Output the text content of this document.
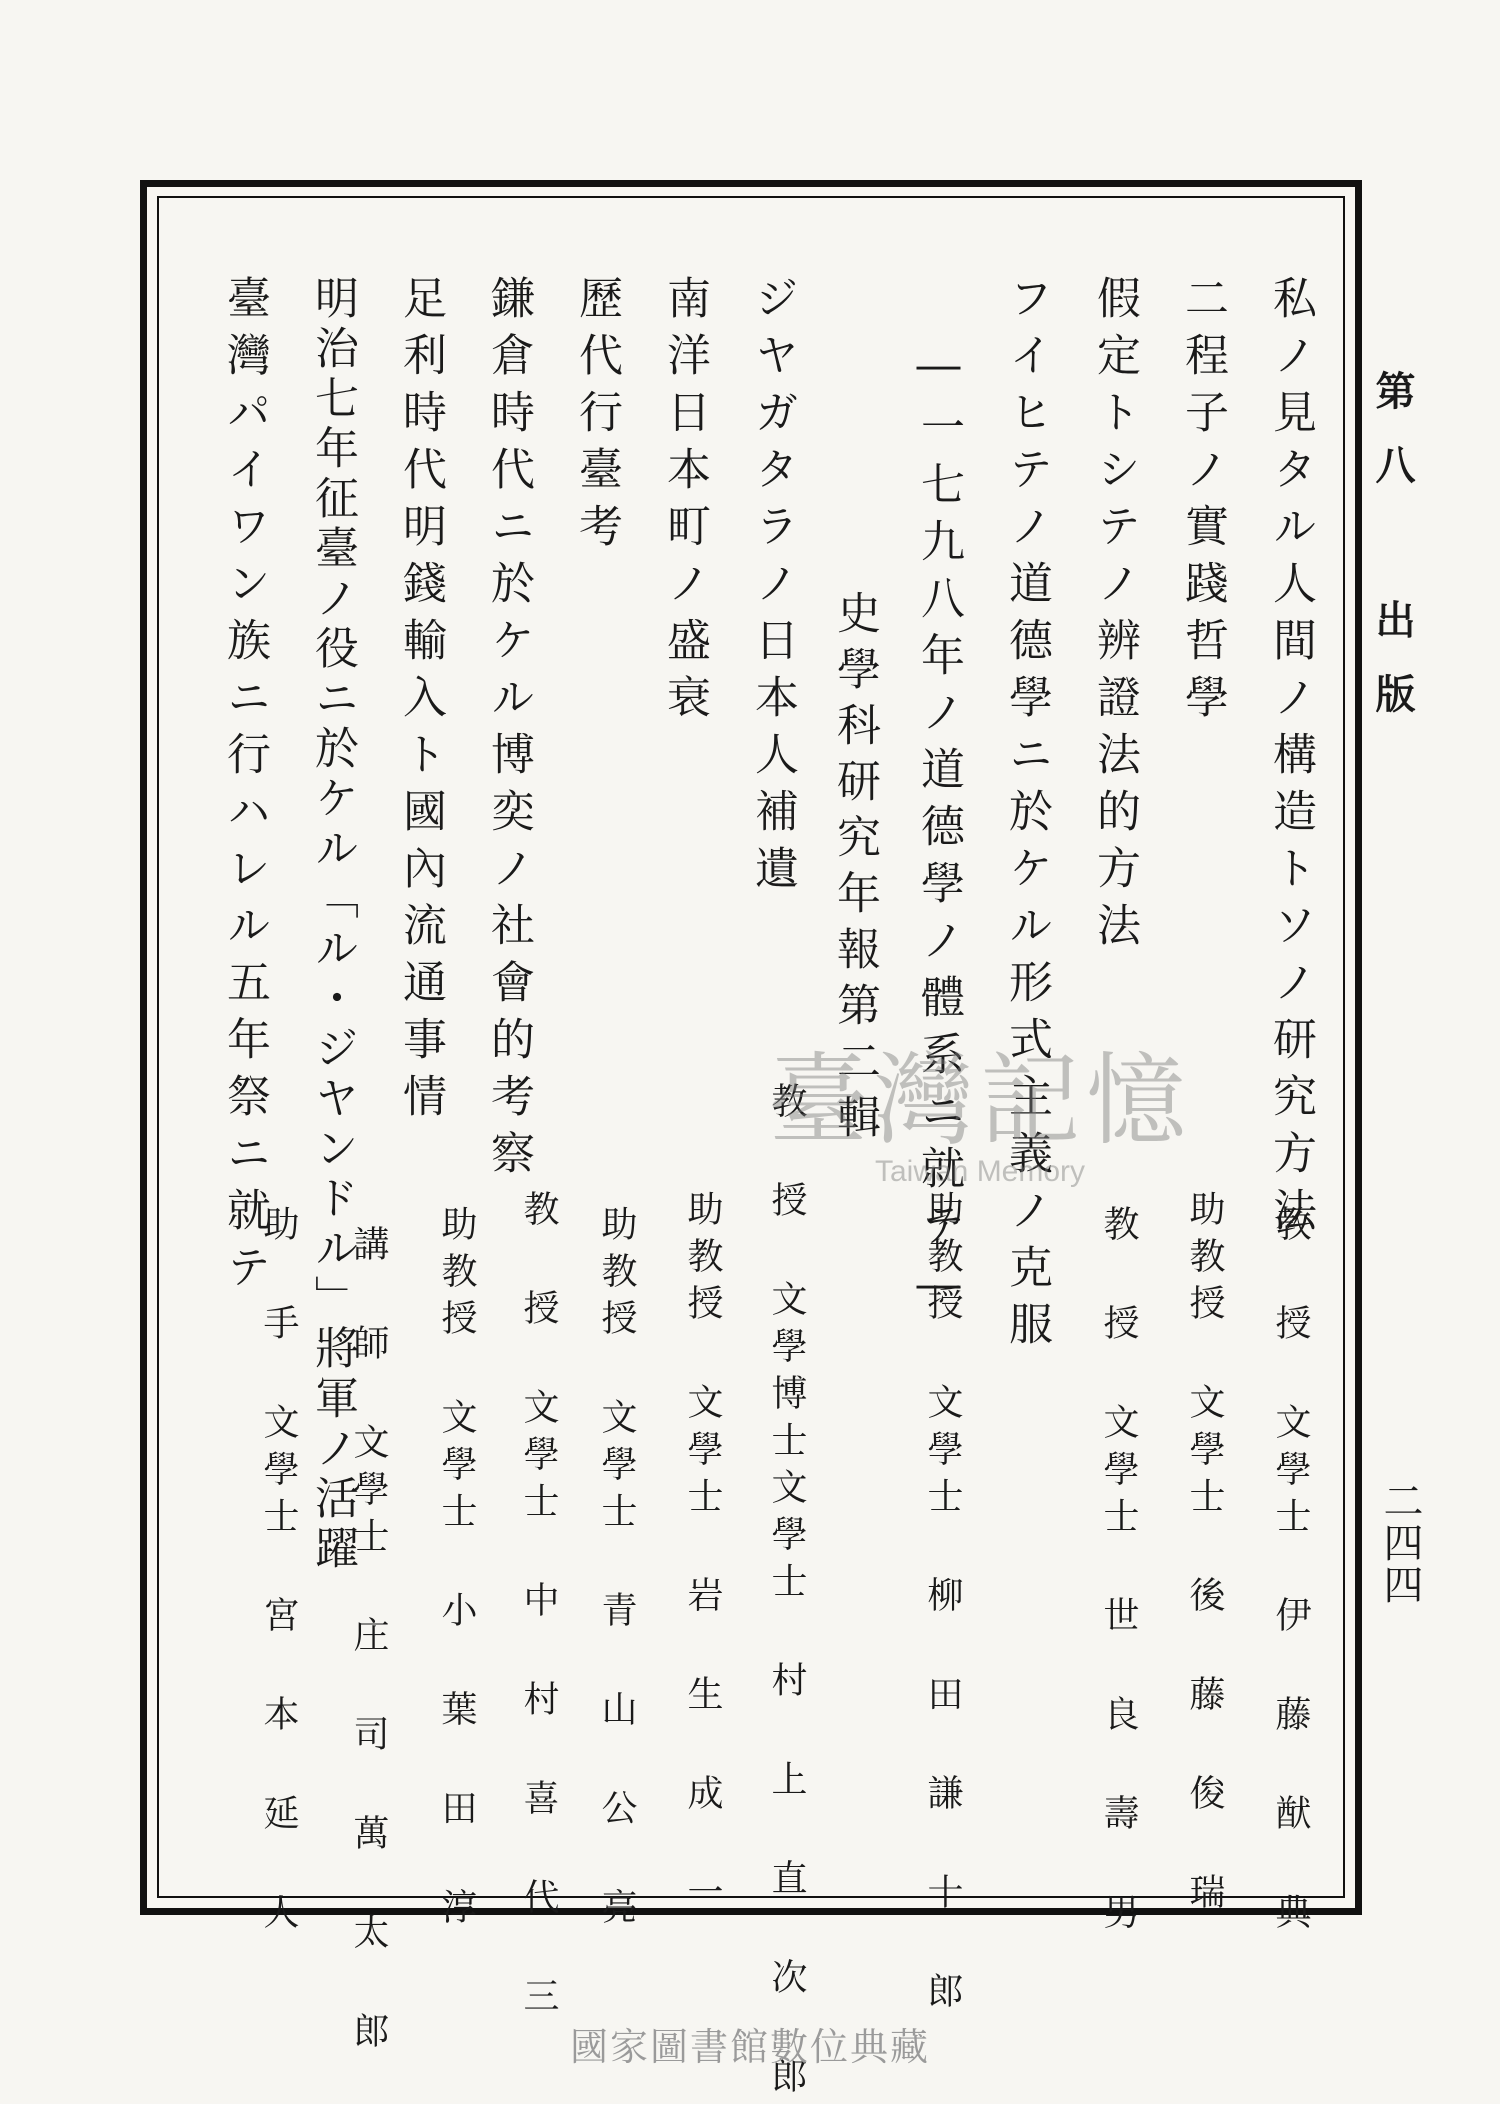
第八 出版
二四四
私ノ見タル人間ノ構造トソノ研究方法
教 授 文學士 伊 藤 猷 典
二程子ノ實踐哲學
助教授 文學士 後 藤 俊 瑞
假定トシテノ辨證法的方法
教 授 文學士 世 良 壽 男
フイヒテノ道德學ニ於ケル形式主義ノ克服
―一七九八年ノ道德學ノ體系ニ就テ―
助教授 文學士 柳 田 謙 十 郎
史學科研究年報第二輯
ジヤガタラノ日本人補遺
教 授 文學博士文學士 村 上 直 次 郎
南洋日本町ノ盛衰
助教授 文學士 岩 生 成 一
歷代行臺考
助教授 文學士 青 山 公 亮
鎌倉時代ニ於ケル博奕ノ社會的考察
教 授 文學士 中 村 喜 代 三
足利時代明錢輸入ト國內流通事情
助教授 文學士 小 葉 田 淳
明治七年征臺ノ役ニ於ケル「ル・ジヤンドル」將軍ノ活躍
講 師 文學士 庄 司 萬 太 郎
臺灣パイワン族ニ行ハレル五年祭ニ就テ
助 手 文學士 宮 本 延 人
臺灣記憶
Taiwan Memory
國家圖書館數位典藏
